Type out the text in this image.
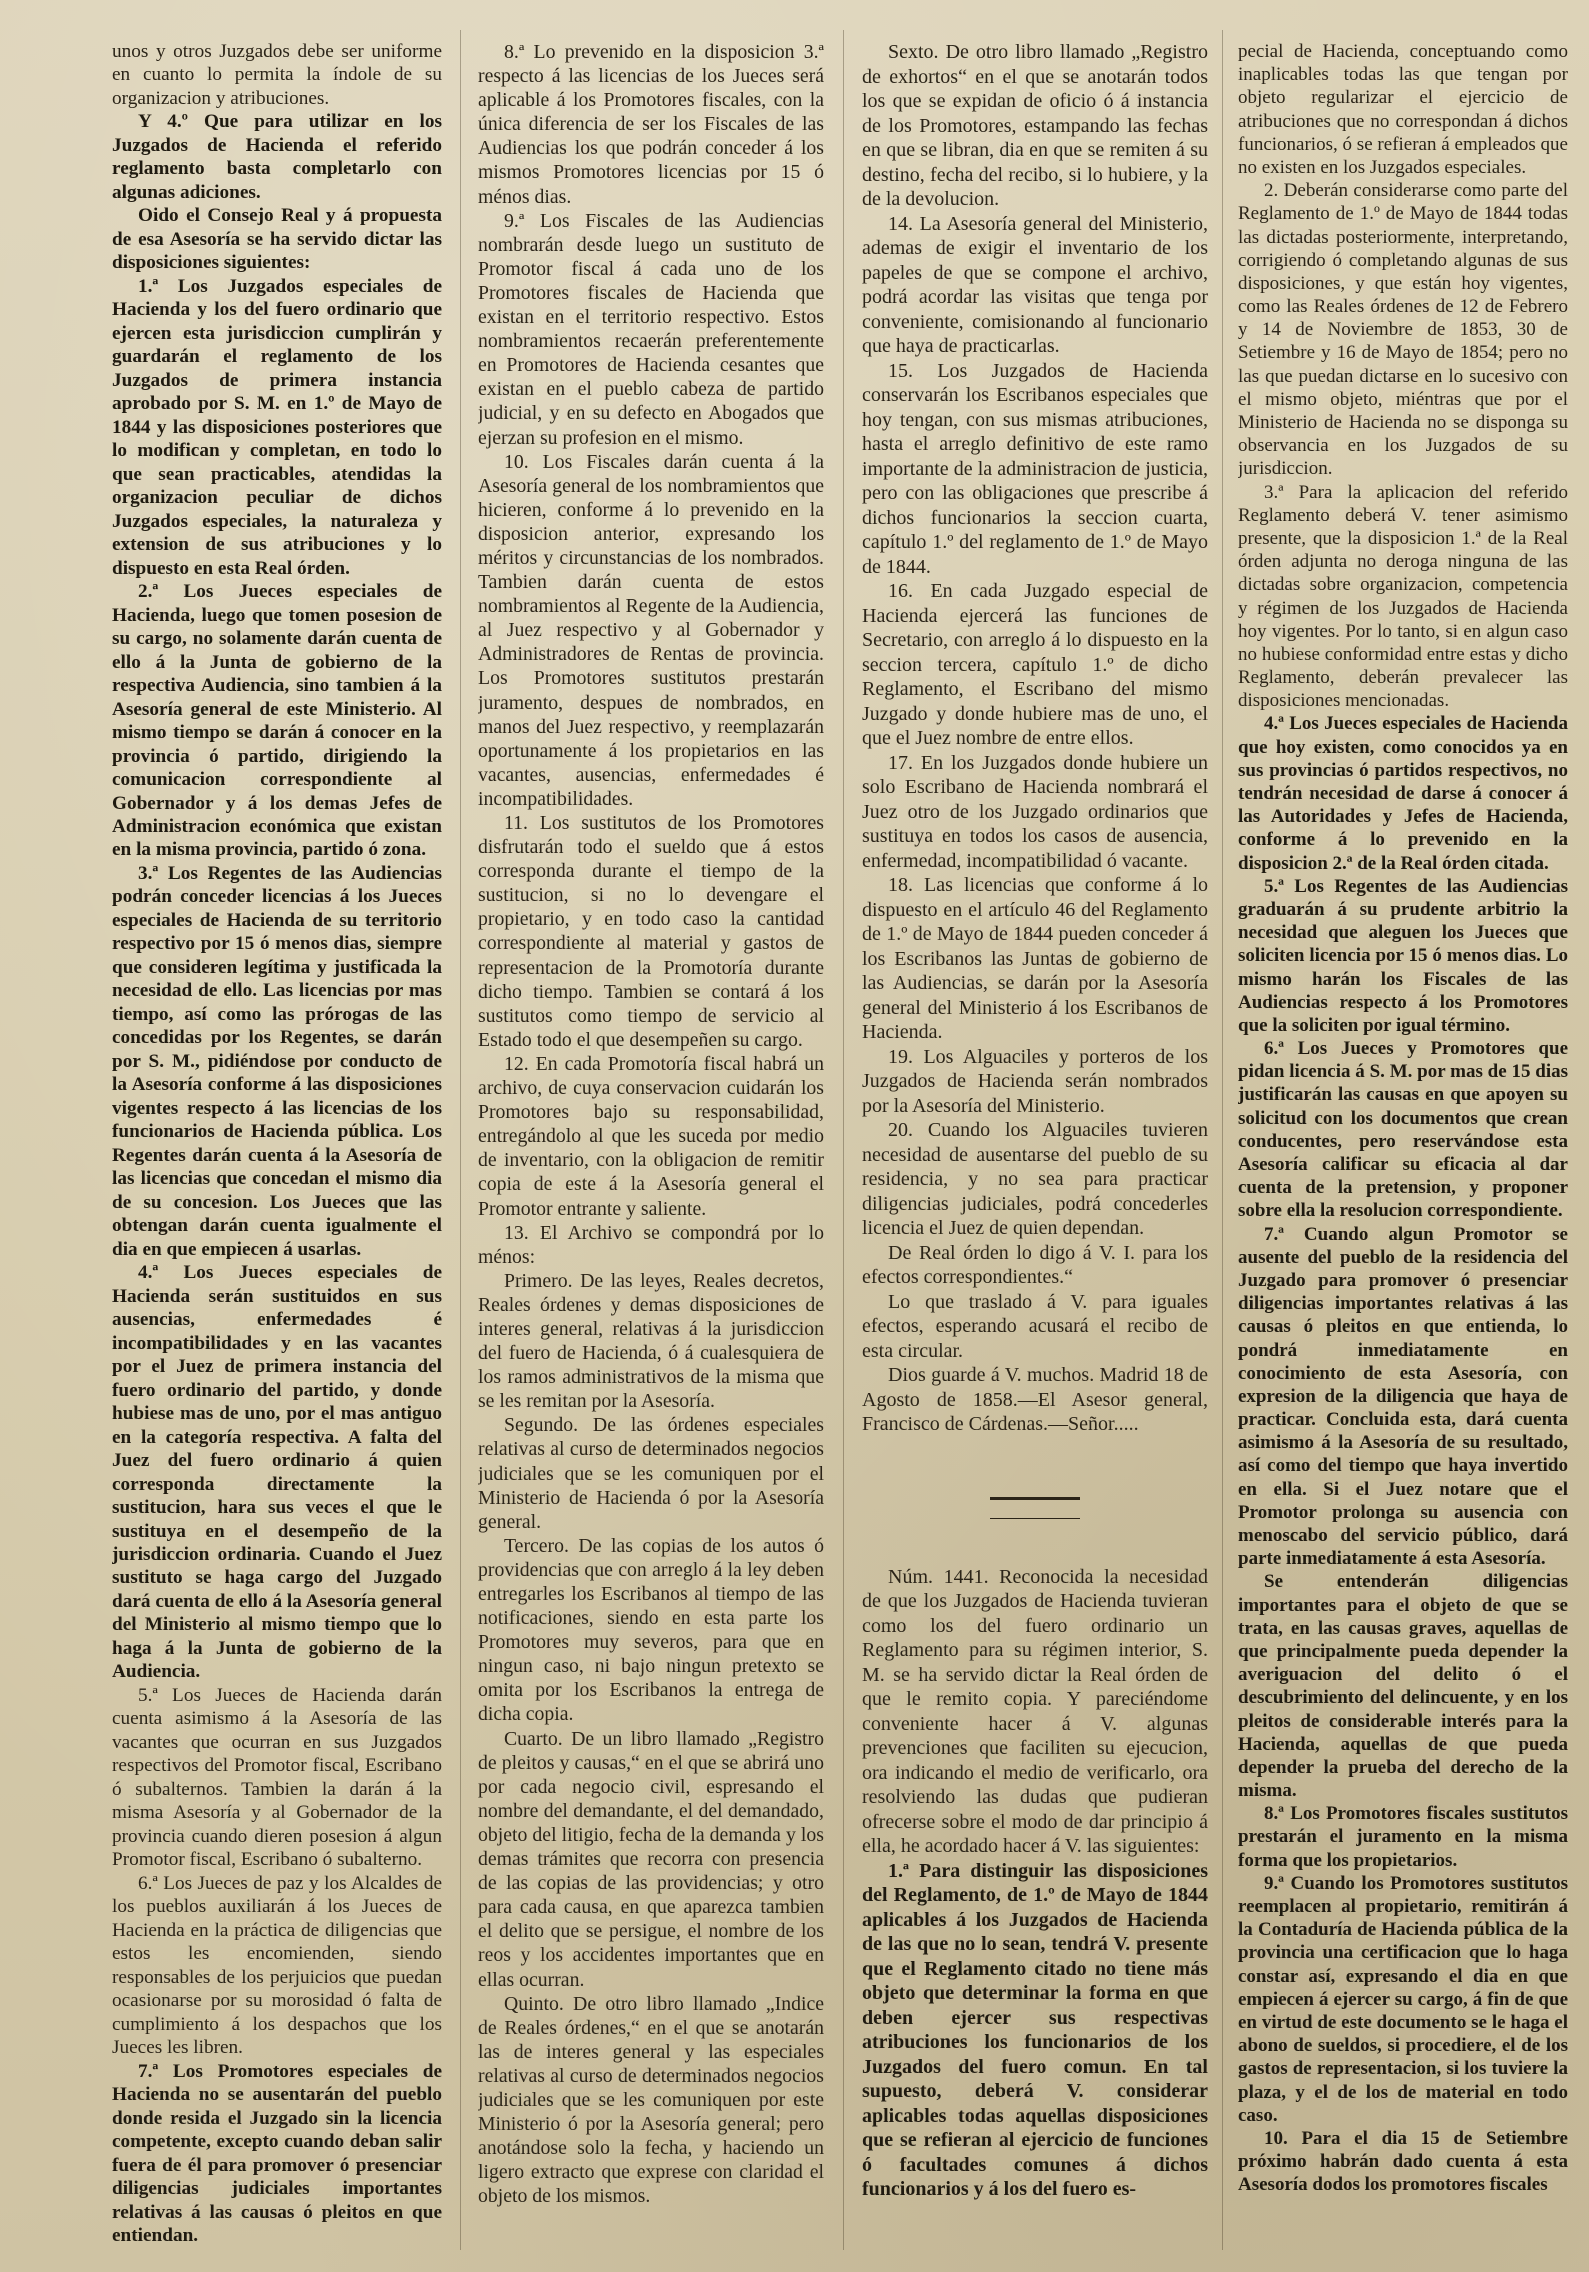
unos y otros Juzgados debe ser uniforme en cuanto lo permita la índole de su organizacion y atribuciones.

Y 4.º Que para utilizar en los Juzgados de Hacienda el referido reglamento basta completarlo con algunas adiciones.

Oido el Consejo Real y á propuesta de esa Asesoría se ha servido dictar las disposiciones siguientes:

1.ª Los Juzgados especiales de Hacienda y los del fuero ordinario que ejercen esta jurisdiccion cumplirán y guardarán el reglamento de los Juzgados de primera instancia aprobado por S. M. en 1.º de Mayo de 1844 y las disposiciones posteriores que lo modifican y completan, en todo lo que sean practicables, atendidas la organizacion peculiar de dichos Juzgados especiales, la naturaleza y extension de sus atribuciones y lo dispuesto en esta Real órden.

2.ª Los Jueces especiales de Hacienda, luego que tomen posesion de su cargo, no solamente darán cuenta de ello á la Junta de gobierno de la respectiva Audiencia, sino tambien á la Asesoría general de este Ministerio. Al mismo tiempo se darán á conocer en la provincia ó partido, dirigiendo la comunicacion correspondiente al Gobernador y á los demas Jefes de Administracion económica que existan en la misma provincia, partido ó zona.

3.ª Los Regentes de las Audiencias podrán conceder licencias á los Jueces especiales de Hacienda de su territorio respectivo por 15 ó menos dias, siempre que consideren legítima y justificada la necesidad de ello. Las licencias por mas tiempo, así como las prórogas de las concedidas por los Regentes, se darán por S. M., pidiéndose por conducto de la Asesoría conforme á las disposiciones vigentes respecto á las licencias de los funcionarios de Hacienda pública. Los Regentes darán cuenta á la Asesoría de las licencias que concedan el mismo dia de su concesion. Los Jueces que las obtengan darán cuenta igualmente el dia en que empiecen á usarlas.

4.ª Los Jueces especiales de Hacienda serán sustituidos en sus ausencias, enfermedades é incompatibilidades y en las vacantes por el Juez de primera instancia del fuero ordinario del partido, y donde hubiese mas de uno, por el mas antiguo en la categoría respectiva. A falta del Juez del fuero ordinario á quien corresponda directamente la sustitucion, hara sus veces el que le sustituya en el desempeño de la jurisdiccion ordinaria. Cuando el Juez sustituto se haga cargo del Juzgado dará cuenta de ello á la Asesoría general del Ministerio al mismo tiempo que lo haga á la Junta de gobierno de la Audiencia.

5.ª Los Jueces de Hacienda darán cuenta asimismo á la Asesoría de las vacantes que ocurran en sus Juzgados respectivos del Promotor fiscal, Escribano ó subalternos. Tambien la darán á la misma Asesoría y al Gobernador de la provincia cuando dieren posesion á algun Promotor fiscal, Escribano ó subalterno.

6.ª Los Jueces de paz y los Alcaldes de los pueblos auxiliarán á los Jueces de Hacienda en la práctica de diligencias que estos les encomienden, siendo responsables de los perjuicios que puedan ocasionarse por su morosidad ó falta de cumplimiento á los despachos que los Jueces les libren.

7.ª Los Promotores especiales de Hacienda no se ausentarán del pueblo donde resida el Juzgado sin la licencia competente, excepto cuando deban salir fuera de él para promover ó presenciar diligencias judiciales importantes relativas á las causas ó pleitos en que entiendan.

8.ª Lo prevenido en la disposicion 3.ª respecto á las licencias de los Jueces será aplicable á los Promotores fiscales, con la única diferencia de ser los Fiscales de las Audiencias los que podrán conceder á los mismos Promotores licencias por 15 ó ménos dias.

9.ª Los Fiscales de las Audiencias nombrarán desde luego un sustituto de Promotor fiscal á cada uno de los Promotores fiscales de Hacienda que existan en el territorio respectivo. Estos nombramientos recaerán preferentemente en Promotores de Hacienda cesantes que existan en el pueblo cabeza de partido judicial, y en su defecto en Abogados que ejerzan su profesion en el mismo.

10. Los Fiscales darán cuenta á la Asesoría general de los nombramientos que hicieren, conforme á lo prevenido en la disposicion anterior, expresando los méritos y circunstancias de los nombrados. Tambien darán cuenta de estos nombramientos al Regente de la Audiencia, al Juez respectivo y al Gobernador y Administradores de Rentas de provincia. Los Promotores sustitutos prestarán juramento, despues de nombrados, en manos del Juez respectivo, y reemplazarán oportunamente á los propietarios en las vacantes, ausencias, enfermedades é incompatibilidades.

11. Los sustitutos de los Promotores disfrutarán todo el sueldo que á estos corresponda durante el tiempo de la sustitucion, si no lo devengare el propietario, y en todo caso la cantidad correspondiente al material y gastos de representacion de la Promotoría durante dicho tiempo. Tambien se contará á los sustitutos como tiempo de servicio al Estado todo el que desempeñen su cargo.

12. En cada Promotoría fiscal habrá un archivo, de cuya conservacion cuidarán los Promotores bajo su responsabilidad, entregándolo al que les suceda por medio de inventario, con la obligacion de remitir copia de este á la Asesoría general el Promotor entrante y saliente.

13. El Archivo se compondrá por lo ménos:

Primero. De las leyes, Reales decretos, Reales órdenes y demas disposiciones de interes general, relativas á la jurisdiccion del fuero de Hacienda, ó á cualesquiera de los ramos administrativos de la misma que se les remitan por la Asesoría.

Segundo. De las órdenes especiales relativas al curso de determinados negocios judiciales que se les comuniquen por el Ministerio de Hacienda ó por la Asesoría general.

Tercero. De las copias de los autos ó providencias que con arreglo á la ley deben entregarles los Escribanos al tiempo de las notificaciones, siendo en esta parte los Promotores muy severos, para que en ningun caso, ni bajo ningun pretexto se omita por los Escribanos la entrega de dicha copia.

Cuarto. De un libro llamado „Registro de pleitos y causas,“ en el que se abrirá uno por cada negocio civil, espresando el nombre del demandante, el del demandado, objeto del litigio, fecha de la demanda y los demas trámites que recorra con presencia de las copias de las providencias; y otro para cada causa, en que aparezca tambien el delito que se persigue, el nombre de los reos y los accidentes importantes que en ellas ocurran.

Quinto. De otro libro llamado „Indice de Reales órdenes,“ en el que se anotarán las de interes general y las especiales relativas al curso de determinados negocios judiciales que se les comuniquen por este Ministerio ó por la Asesoría general; pero anotándose solo la fecha, y haciendo un ligero extracto que exprese con claridad el objeto de los mismos.

Sexto. De otro libro llamado „Registro de exhortos“ en el que se anotarán todos los que se expidan de oficio ó á instancia de los Promotores, estampando las fechas en que se libran, dia en que se remiten á su destino, fecha del recibo, si lo hubiere, y la de la devolucion.

14. La Asesoría general del Ministerio, ademas de exigir el inventario de los papeles de que se compone el archivo, podrá acordar las visitas que tenga por conveniente, comisionando al funcionario que haya de practicarlas.

15. Los Juzgados de Hacienda conservarán los Escribanos especiales que hoy tengan, con sus mismas atribuciones, hasta el arreglo definitivo de este ramo importante de la administracion de justicia, pero con las obligaciones que prescribe á dichos funcionarios la seccion cuarta, capítulo 1.º del reglamento de 1.º de Mayo de 1844.

16. En cada Juzgado especial de Hacienda ejercerá las funciones de Secretario, con arreglo á lo dispuesto en la seccion tercera, capítulo 1.º de dicho Reglamento, el Escribano del mismo Juzgado y donde hubiere mas de uno, el que el Juez nombre de entre ellos.

17. En los Juzgados donde hubiere un solo Escribano de Hacienda nombrará el Juez otro de los Juzgado ordinarios que sustituya en todos los casos de ausencia, enfermedad, incompatibilidad ó vacante.

18. Las licencias que conforme á lo dispuesto en el artículo 46 del Reglamento de 1.º de Mayo de 1844 pueden conceder á los Escribanos las Juntas de gobierno de las Audiencias, se darán por la Asesoría general del Ministerio á los Escribanos de Hacienda.

19. Los Alguaciles y porteros de los Juzgados de Hacienda serán nombrados por la Asesoría del Ministerio.

20. Cuando los Alguaciles tuvieren necesidad de ausentarse del pueblo de su residencia, y no sea para practicar diligencias judiciales, podrá concederles licencia el Juez de quien dependan.

De Real órden lo digo á V. I. para los efectos correspondientes.“

Lo que traslado á V. para iguales efectos, esperando acusará el recibo de esta circular.

Dios guarde á V. muchos. Madrid 18 de Agosto de 1858.—El Asesor general, Francisco de Cárdenas.—Señor.....

Núm. 1441. Reconocida la necesidad de que los Juzgados de Hacienda tuvieran como los del fuero ordinario un Reglamento para su régimen interior, S. M. se ha servido dictar la Real órden de que le remito copia. Y pareciéndome conveniente hacer á V. algunas prevenciones que faciliten su ejecucion, ora indicando el medio de verificarlo, ora resolviendo las dudas que pudieran ofrecerse sobre el modo de dar principio á ella, he acordado hacer á V. las siguientes:

1.ª Para distinguir las disposiciones del Reglamento, de 1.º de Mayo de 1844 aplicables á los Juzgados de Hacienda de las que no lo sean, tendrá V. presente que el Reglamento citado no tiene más objeto que determinar la forma en que deben ejercer sus respectivas atribuciones los funcionarios de los Juzgados del fuero comun. En tal supuesto, deberá V. considerar aplicables todas aquellas disposiciones que se refieran al ejercicio de funciones ó facultades comunes á dichos funcionarios y á los del fuero es-

pecial de Hacienda, conceptuando como inaplicables todas las que tengan por objeto regularizar el ejercicio de atribuciones que no correspondan á dichos funcionarios, ó se refieran á empleados que no existen en los Juzgados especiales.

2. Deberán considerarse como parte del Reglamento de 1.º de Mayo de 1844 todas las dictadas posteriormente, interpretando, corrigiendo ó completando algunas de sus disposiciones, y que están hoy vigentes, como las Reales órdenes de 12 de Febrero y 14 de Noviembre de 1853, 30 de Setiembre y 16 de Mayo de 1854; pero no las que puedan dictarse en lo sucesivo con el mismo objeto, miéntras que por el Ministerio de Hacienda no se disponga su observancia en los Juzgados de su jurisdiccion.

3.ª Para la aplicacion del referido Reglamento deberá V. tener asimismo presente, que la disposicion 1.ª de la Real órden adjunta no deroga ninguna de las dictadas sobre organizacion, competencia y régimen de los Juzgados de Hacienda hoy vigentes. Por lo tanto, si en algun caso no hubiese conformidad entre estas y dicho Reglamento, deberán prevalecer las disposiciones mencionadas.

4.ª Los Jueces especiales de Hacienda que hoy existen, como conocidos ya en sus provincias ó partidos respectivos, no tendrán necesidad de darse á conocer á las Autoridades y Jefes de Hacienda, conforme á lo prevenido en la disposicion 2.ª de la Real órden citada.

5.ª Los Regentes de las Audiencias graduarán á su prudente arbitrio la necesidad que aleguen los Jueces que soliciten licencia por 15 ó menos dias. Lo mismo harán los Fiscales de las Audiencias respecto á los Promotores que la soliciten por igual término.

6.ª Los Jueces y Promotores que pidan licencia á S. M. por mas de 15 dias justificarán las causas en que apoyen su solicitud con los documentos que crean conducentes, pero reservándose esta Asesoría calificar su eficacia al dar cuenta de la pretension, y proponer sobre ella la resolucion correspondiente.

7.ª Cuando algun Promotor se ausente del pueblo de la residencia del Juzgado para promover ó presenciar diligencias importantes relativas á las causas ó pleitos en que entienda, lo pondrá inmediatamente en conocimiento de esta Asesoría, con expresion de la diligencia que haya de practicar. Concluida esta, dará cuenta asimismo á la Asesoría de su resultado, así como del tiempo que haya invertido en ella. Si el Juez notare que el Promotor prolonga su ausencia con menoscabo del servicio público, dará parte inmediatamente á esta Asesoría.

Se entenderán diligencias importantes para el objeto de que se trata, en las causas graves, aquellas de que principalmente pueda depender la averiguacion del delito ó el descubrimiento del delincuente, y en los pleitos de considerable interés para la Hacienda, aquellas de que pueda depender la prueba del derecho de la misma.

8.ª Los Promotores fiscales sustitutos prestarán el juramento en la misma forma que los propietarios.

9.ª Cuando los Promotores sustitutos reemplacen al propietario, remitirán á la Contaduría de Hacienda pública de la provincia una certificacion que lo haga constar así, expresando el dia en que empiecen á ejercer su cargo, á fin de que en virtud de este documento se le haga el abono de sueldos, si procediere, el de los gastos de representacion, si los tuviere la plaza, y el de los de material en todo caso.

10. Para el dia 15 de Setiembre próximo habrán dado cuenta á esta Asesoría dodos los promotores fiscales
